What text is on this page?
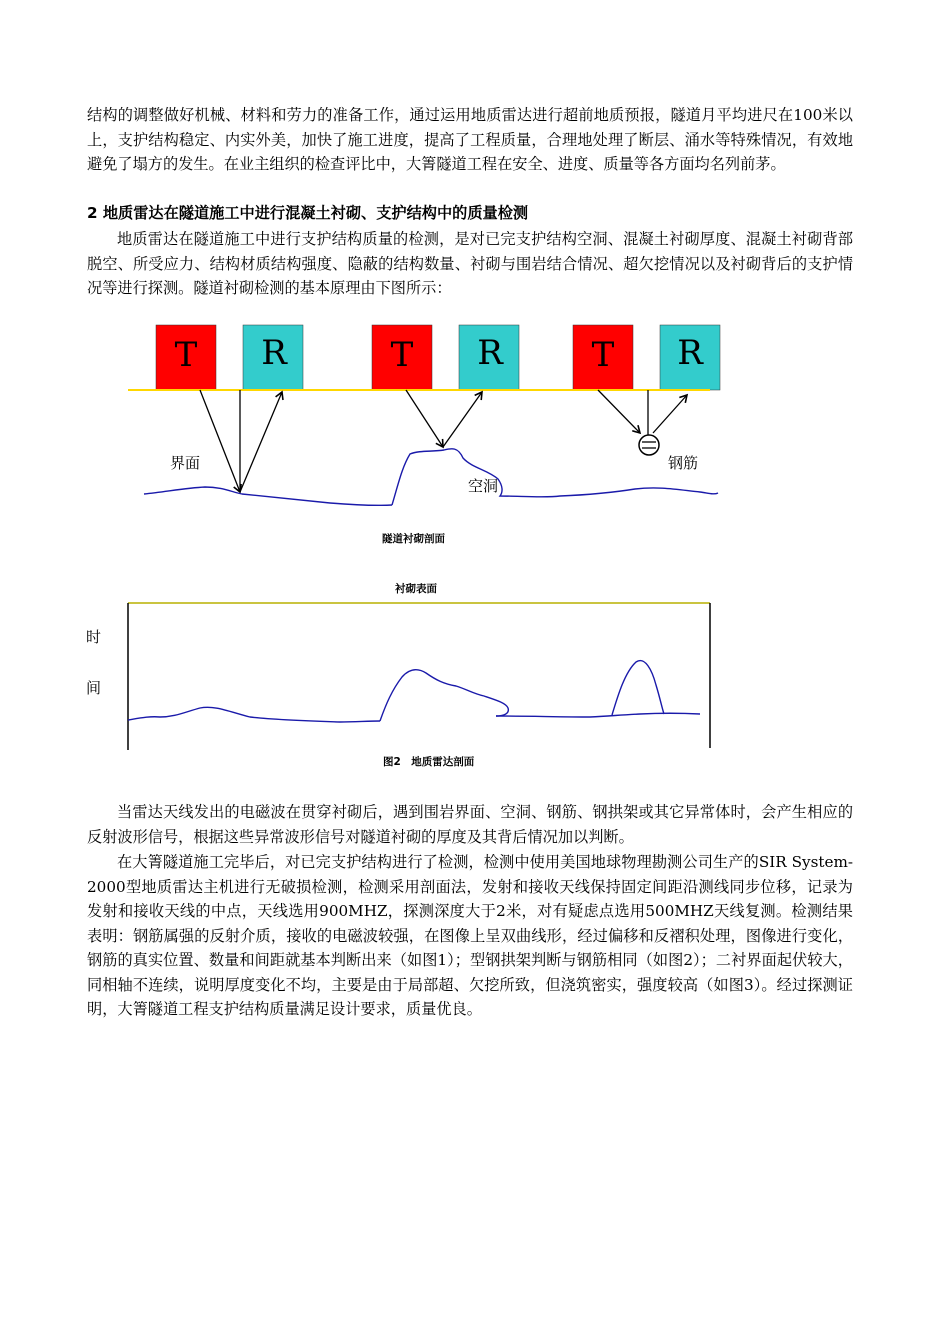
结构的调整做好机械、材料和劳力的准备工作，通过运用地质雷达进行超前地质预报，隧道月平均进尺在100米以上，支护结构稳定、内实外美，加快了施工进度，提高了工程质量，合理地处理了断层、涌水等特殊情况，有效地避免了塌方的发生。在业主组织的检查评比中，大箐隧道工程在安全、进度、质量等各方面均名列前茅。

2 地质雷达在隧道施工中进行混凝土衬砌、支护结构中的质量检测

地质雷达在隧道施工中进行支护结构质量的检测，是对已完支护结构空洞、混凝土衬砌厚度、混凝土衬砌背部脱空、所受应力、结构材质结构强度、隐蔽的结构数量、衬砌与围岩结合情况、超欠挖情况以及衬砌背后的支护情况等进行探测。隧道衬砌检测的基本原理由下图所示：

T R	T R	T R
界面
空洞
钢筋
隧道衬砌剖面
衬砌表面
时
间
图2　地质雷达剖面

当雷达天线发出的电磁波在贯穿衬砌后，遇到围岩界面、空洞、钢筋、钢拱架或其它异常体时，会产生相应的反射波形信号，根据这些异常波形信号对隧道衬砌的厚度及其背后情况加以判断。

在大箐隧道施工完毕后，对已完支护结构进行了检测，检测中使用美国地球物理勘测公司生产的SIR System-2000型地质雷达主机进行无破损检测，检测采用剖面法，发射和接收天线保持固定间距沿测线同步位移，记录为发射和接收天线的中点，天线选用900MHZ，探测深度大于2米，对有疑虑点选用500MHZ天线复测。检测结果表明：钢筋属强的反射介质，接收的电磁波较强，在图像上呈双曲线形，经过偏移和反褶积处理，图像进行变化，钢筋的真实位置、数量和间距就基本判断出来（如图1）；型钢拱架判断与钢筋相同（如图2）；二衬界面起伏较大，同相轴不连续，说明厚度变化不均，主要是由于局部超、欠挖所致，但浇筑密实，强度较高（如图3）。经过探测证明，大箐隧道工程支护结构质量满足设计要求，质量优良。
